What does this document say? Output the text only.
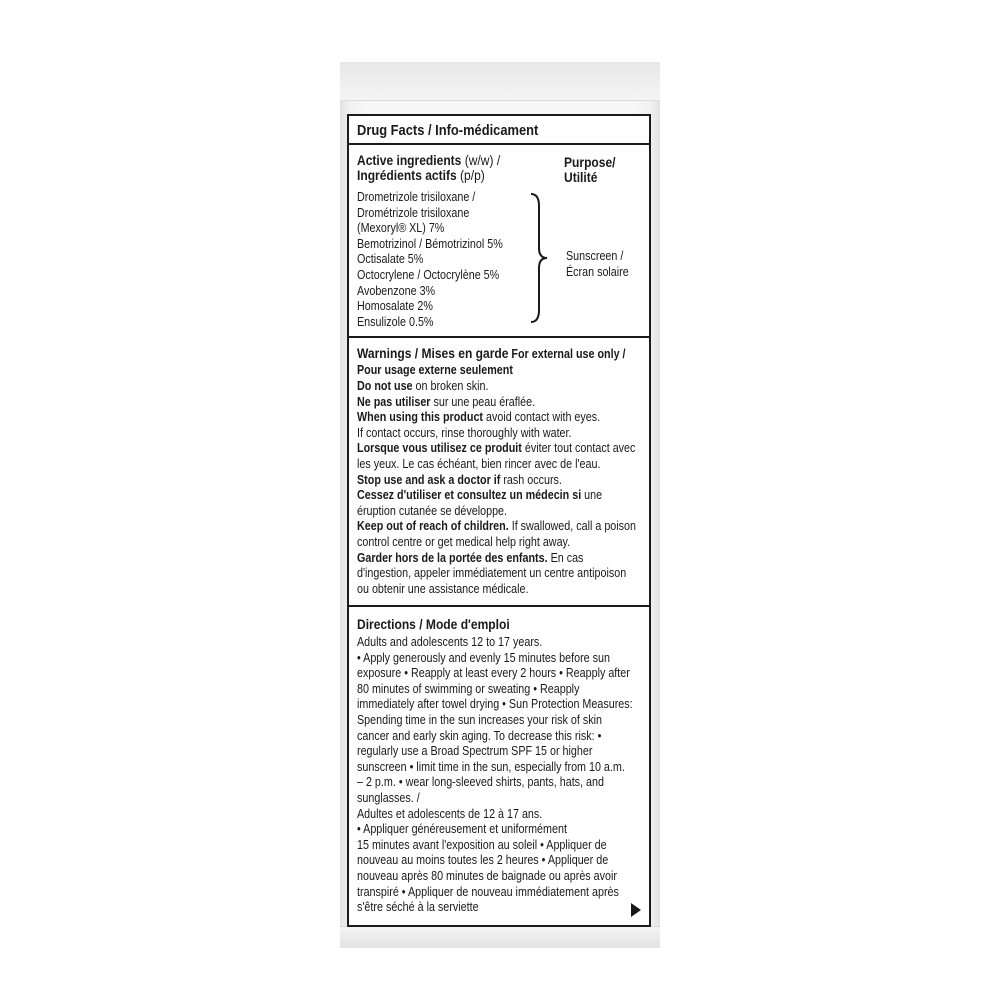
Drug Facts / Info-médicament
Active ingredients (w/w) /
Ingrédients actifs (p/p)
Purpose/
Utilité
Drometrizole trisiloxane /
Drométrizole trisiloxane
(Mexoryl® XL) 7%
Bemotrizinol / Bémotrizinol 5%
Octisalate 5%
Octocrylene / Octocrylène 5%
Avobenzone 3%
Homosalate 2%
Ensulizole 0.5%
Sunscreen /
Écran solaire
Warnings / Mises en garde For external use only /
Pour usage externe seulement
Do not use on broken skin.
Ne pas utiliser sur une peau éraflée.
When using this product avoid contact with eyes.
If contact occurs, rinse thoroughly with water.
Lorsque vous utilisez ce produit éviter tout contact avec
les yeux. Le cas échéant, bien rincer avec de l'eau.
Stop use and ask a doctor if rash occurs.
Cessez d'utiliser et consultez un médecin si une
éruption cutanée se développe.
Keep out of reach of children. If swallowed, call a poison
control centre or get medical help right away.
Garder hors de la portée des enfants. En cas
d'ingestion, appeler immédiatement un centre antipoison
ou obtenir une assistance médicale.
Directions / Mode d'emploi
Adults and adolescents 12 to 17 years.
• Apply generously and evenly 15 minutes before sun
exposure • Reapply at least every 2 hours • Reapply after
80 minutes of swimming or sweating • Reapply
immediately after towel drying • Sun Protection Measures:
Spending time in the sun increases your risk of skin
cancer and early skin aging. To decrease this risk: •
regularly use a Broad Spectrum SPF 15 or higher
sunscreen • limit time in the sun, especially from 10 a.m.
– 2 p.m. • wear long-sleeved shirts, pants, hats, and
sunglasses. /
Adultes et adolescents de 12 à 17 ans.
• Appliquer généreusement et uniformément
15 minutes avant l'exposition au soleil • Appliquer de
nouveau au moins toutes les 2 heures • Appliquer de
nouveau après 80 minutes de baignade ou après avoir
transpiré • Appliquer de nouveau immédiatement après
s'être séché à la serviette
